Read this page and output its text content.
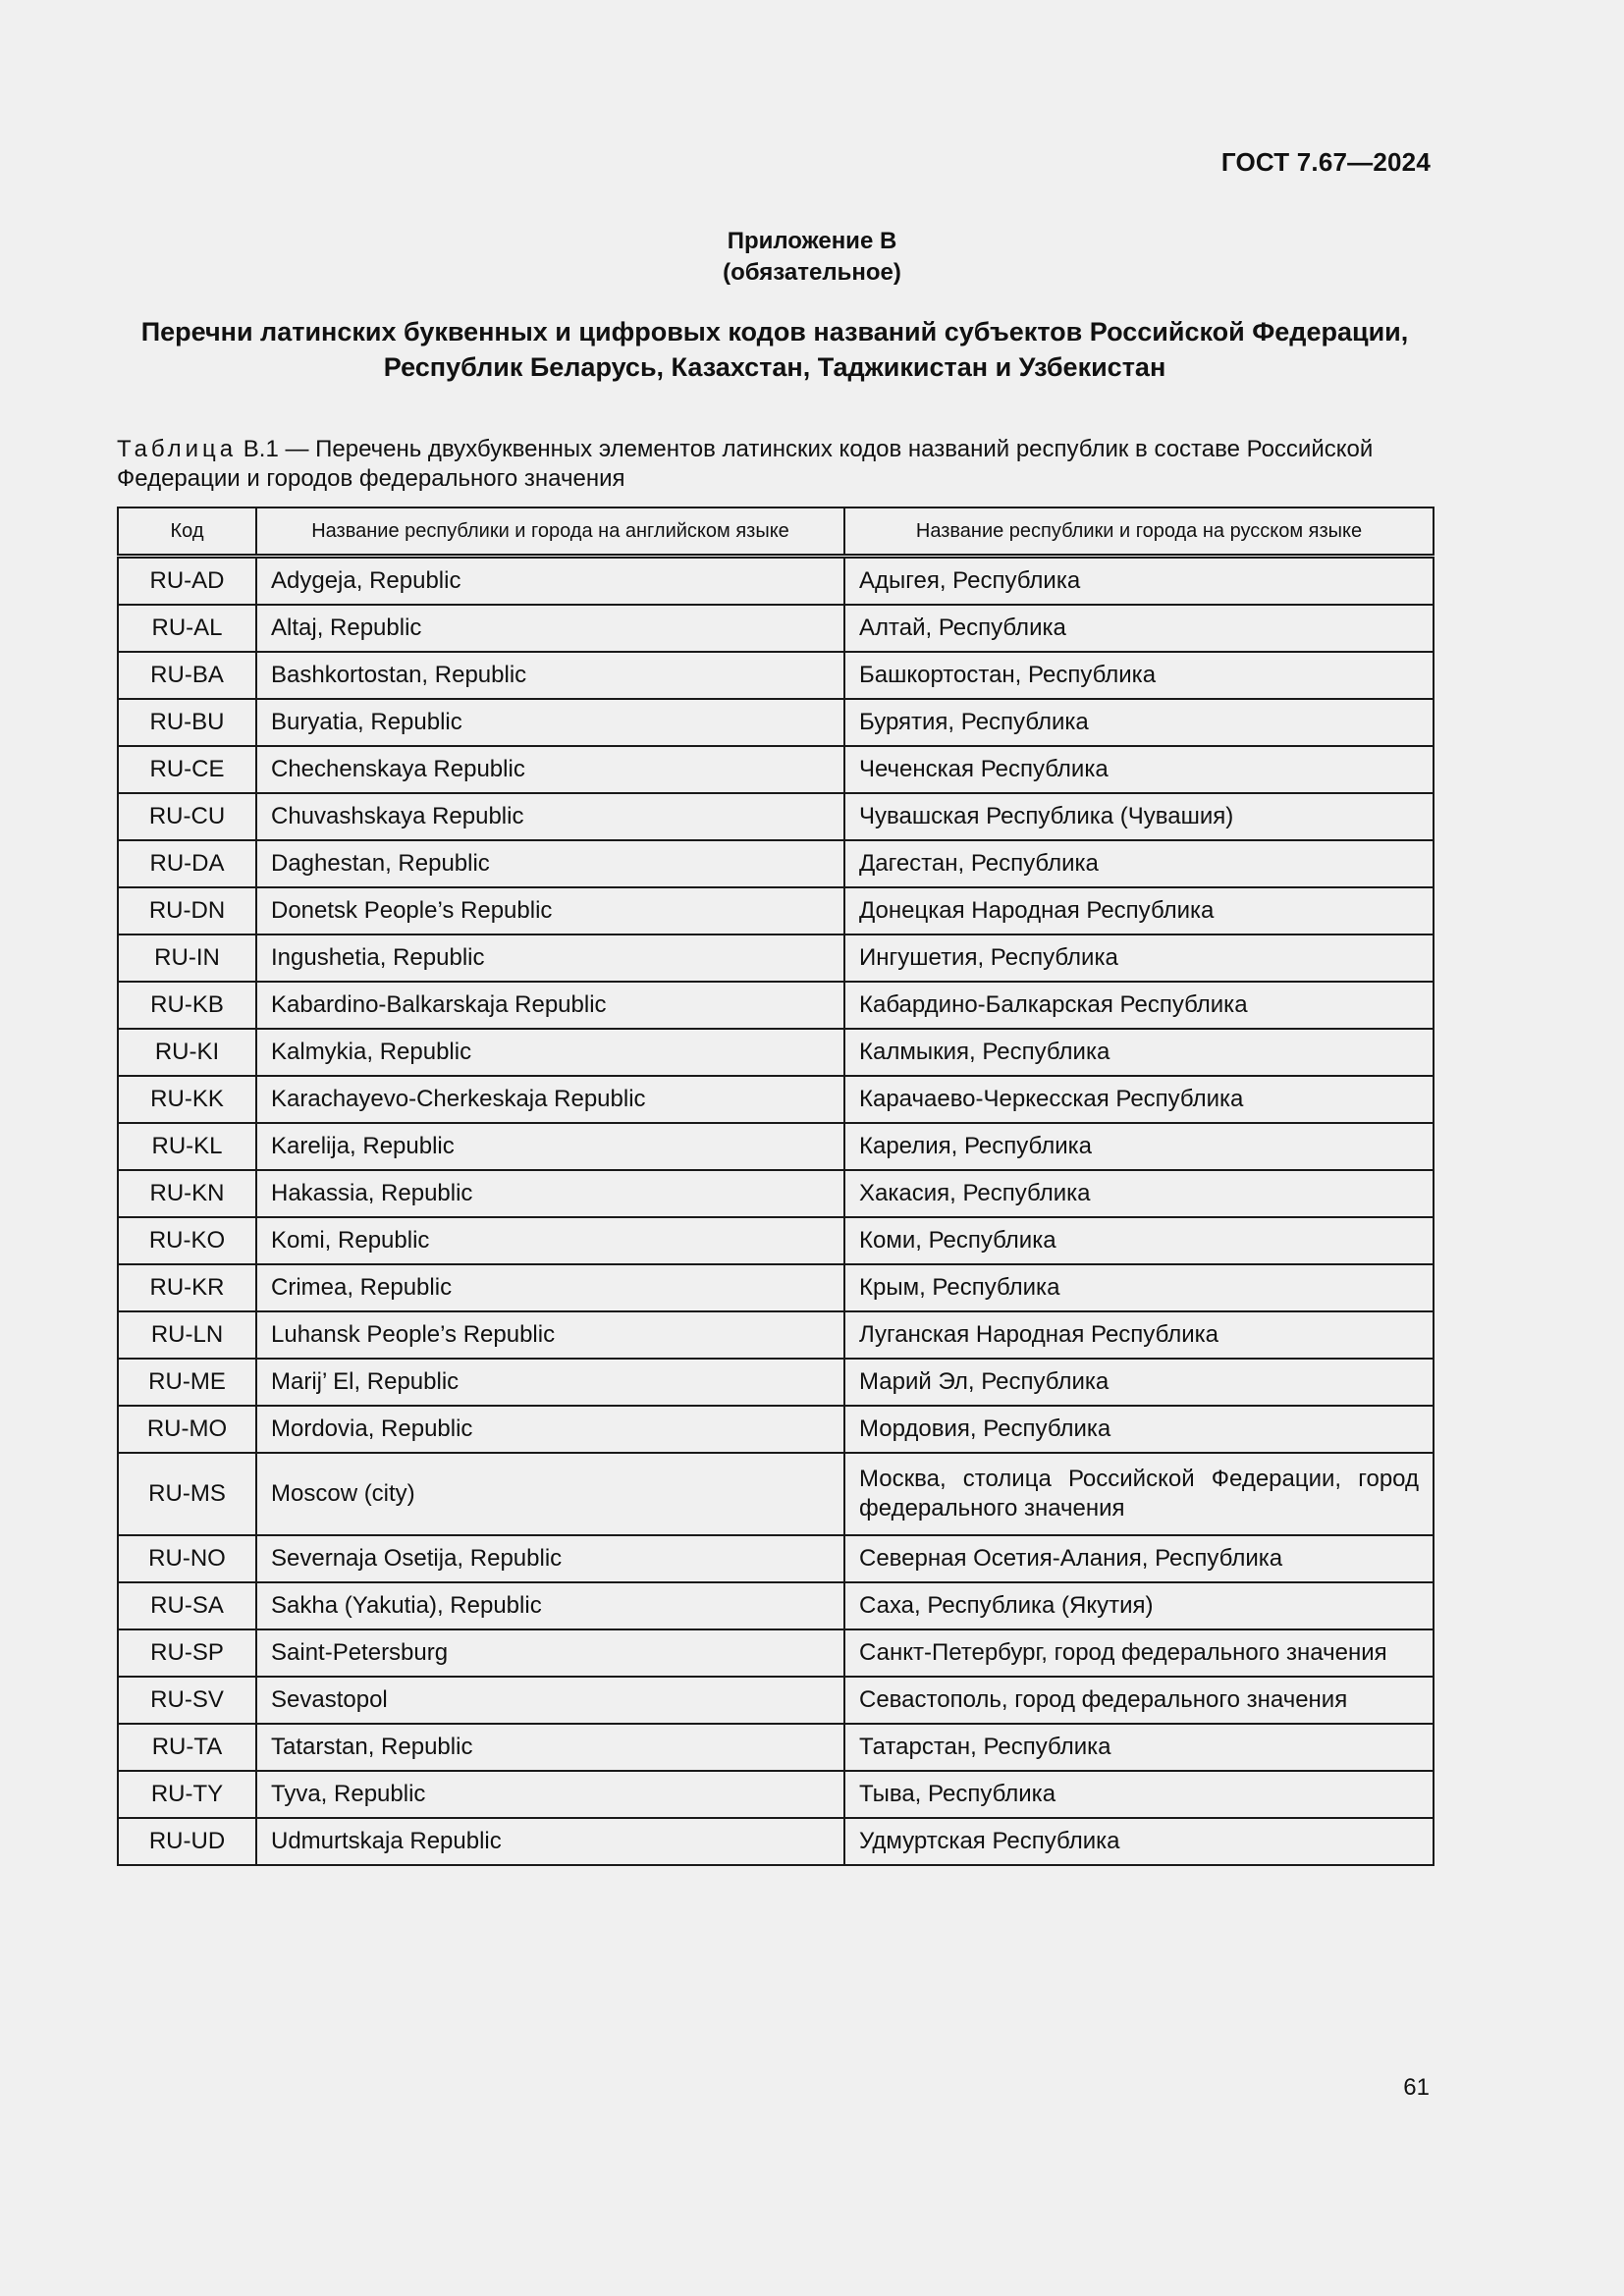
ГОСТ 7.67—2024
Приложение В
(обязательное)
Перечни латинских буквенных и цифровых кодов названий субъектов Российской Федерации,
Республик Беларусь, Казахстан, Таджикистан и Узбекистан
Таблица В.1 — Перечень двухбуквенных элементов латинских кодов названий республик в составе Российской Федерации и городов федерального значения
Код	Название республики и города на английском языке	Название республики и города на русском языке
RU-AD	Adygeja, Republic	Адыгея, Республика
RU-AL	Altaj, Republic	Алтай, Республика
RU-BA	Bashkortostan, Republic	Башкортостан, Республика
RU-BU	Buryatia, Republic	Бурятия, Республика
RU-CE	Chechenskaya Republic	Чеченская Республика
RU-CU	Chuvashskaya Republic	Чувашская Республика (Чувашия)
RU-DA	Daghestan, Republic	Дагестан, Республика
RU-DN	Donetsk People’s Republic	Донецкая Народная Республика
RU-IN	Ingushetia, Republic	Ингушетия, Республика
RU-KB	Kabardino-Balkarskaja Republic	Кабардино-Балкарская Республика
RU-KI	Kalmykia, Republic	Калмыкия, Республика
RU-KK	Karachayevo-Cherkeskaja Republic	Карачаево-Черкесская Республика
RU-KL	Karelija, Republic	Карелия, Республика
RU-KN	Hakassia, Republic	Хакасия, Республика
RU-KO	Komi, Republic	Коми, Республика
RU-KR	Crimea, Republic	Крым, Республика
RU-LN	Luhansk People’s Republic	Луганская Народная Республика
RU-ME	Marij’ El, Republic	Марий Эл, Республика
RU-MO	Mordovia, Republic	Мордовия, Республика
RU-MS	Moscow (city)	Москва, столица Российской Федерации, город федерального значения
RU-NO	Severnaja Osetija, Republic	Северная Осетия-Алания, Республика
RU-SA	Sakha (Yakutia), Republic	Саха, Республика (Якутия)
RU-SP	Saint-Petersburg	Санкт-Петербург, город федерального значения
RU-SV	Sevastopol	Севастополь, город федерального значения
RU-TA	Tatarstan, Republic	Татарстан, Республика
RU-TY	Tyva, Republic	Тыва, Республика
RU-UD	Udmurtskaja Republic	Удмуртская Республика
61
